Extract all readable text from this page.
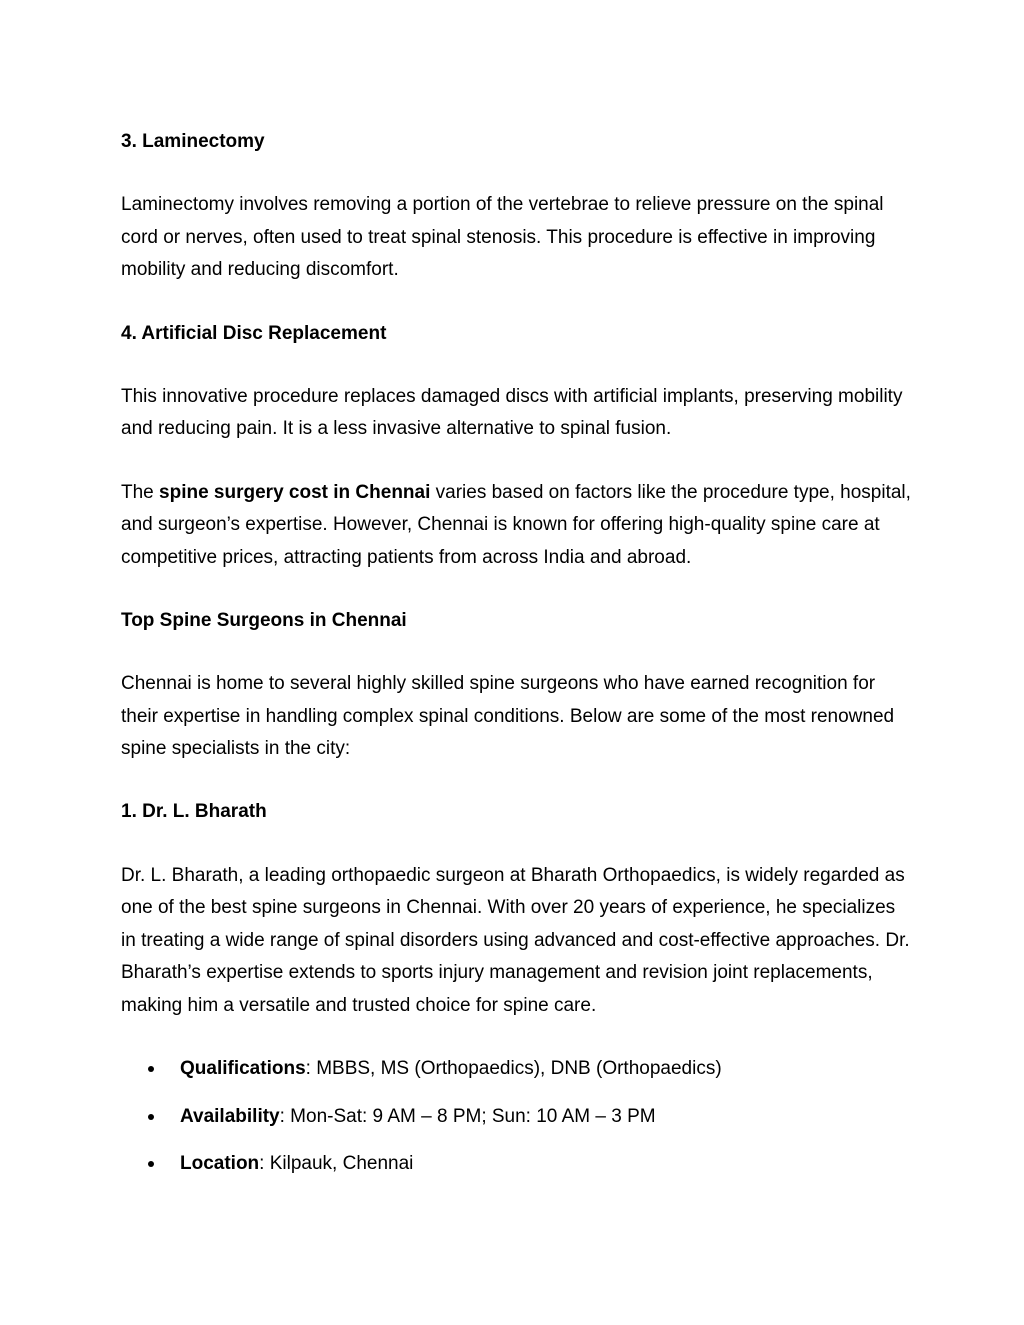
3. Laminectomy

Laminectomy involves removing a portion of the vertebrae to relieve pressure on the spinal cord or nerves, often used to treat spinal stenosis. This procedure is effective in improving mobility and reducing discomfort.

4. Artificial Disc Replacement

This innovative procedure replaces damaged discs with artificial implants, preserving mobility and reducing pain. It is a less invasive alternative to spinal fusion.

The spine surgery cost in Chennai varies based on factors like the procedure type, hospital, and surgeon’s expertise. However, Chennai is known for offering high-quality spine care at competitive prices, attracting patients from across India and abroad.

Top Spine Surgeons in Chennai

Chennai is home to several highly skilled spine surgeons who have earned recognition for their expertise in handling complex spinal conditions. Below are some of the most renowned spine specialists in the city:

1. Dr. L. Bharath

Dr. L. Bharath, a leading orthopaedic surgeon at Bharath Orthopaedics, is widely regarded as one of the best spine surgeons in Chennai. With over 20 years of experience, he specializes in treating a wide range of spinal disorders using advanced and cost-effective approaches. Dr. Bharath’s expertise extends to sports injury management and revision joint replacements, making him a versatile and trusted choice for spine care.

Qualifications: MBBS, MS (Orthopaedics), DNB (Orthopaedics)
Availability: Mon-Sat: 9 AM – 8 PM; Sun: 10 AM – 3 PM
Location: Kilpauk, Chennai
